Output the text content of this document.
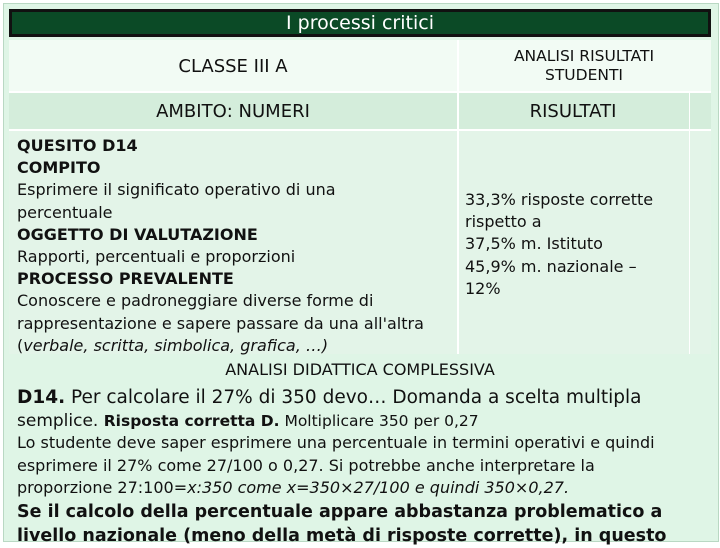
I processi critici
CLASSE III A	ANALISI RISULTATI STUDENTI
AMBITO : NUMERI	RISULTATI
QUESITO D14
COMPITO
Esprimere il significato operativo di una
percentuale
OGGETTO DI VALUTAZIONE
Rapporti, percentuali e proporzioni
PROCESSO PREVALENTE
Conoscere e padroneggiare diverse forme di
rappresentazione e sapere passare da una all'altra
(verbale, scritta, simbolica, grafica, …)
33,3% risposte corrette
rispetto a
37,5% m. Istituto
45,9% m. nazionale –
12%
ANALISI DIDATTICA COMPLESSIVA
D14. Per calcolare il 27% di 350 devo… Domanda a scelta multipla
semplice. Risposta corretta D. Moltiplicare 350 per 0,27
Lo studente deve saper esprimere una percentuale in termini operativi e quindi
esprimere il 27% come 27/100 o 0,27. Si potrebbe anche interpretare la
proporzione 27:100=x:350 come x=350×27/100 e quindi 350×0,27.
Se il calcolo della percentuale appare abbastanza problematico a
livello nazionale (meno della metà di risposte corrette), in questo
